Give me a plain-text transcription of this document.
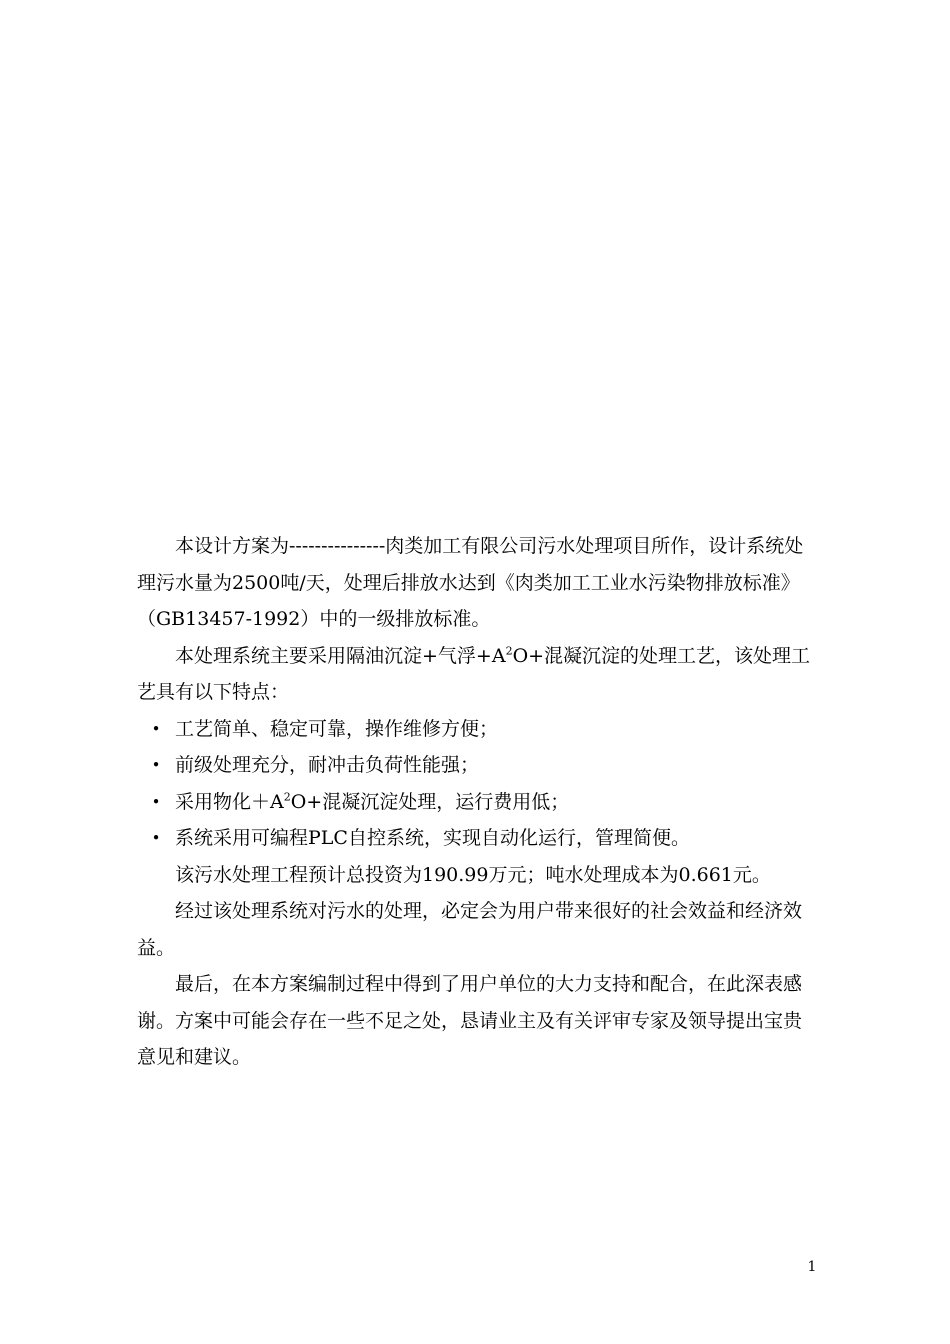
本设计方案为---------------肉类加工有限公司污水处理项目所作，设计系统处理污水量为2500吨/天，处理后排放水达到《肉类加工工业水污染物排放标准》（GB13457-1992）中的一级排放标准。

本处理系统主要采用隔油沉淀+气浮$+A^2O+$混凝沉淀的处理工艺，该处理工艺具有以下特点：

• 工艺简单、稳定可靠，操作维修方便；
• 前级处理充分，耐冲击负荷性能强；
• 采用物化$+A^2O+$混凝沉淀处理，运行费用低；
• 系统采用可编程PLC自控系统，实现自动化运行，管理简便。

该污水处理工程预计总投资为190.99万元；吨水处理成本为0.661元。

经过该处理系统对污水的处理，必定会为用户带来很好的社会效益和经济效益。

最后，在本方案编制过程中得到了用户单位的大力支持和配合，在此深表感谢。方案中可能会存在一些不足之处，恳请业主及有关评审专家及领导提出宝贵意见和建议。

1
